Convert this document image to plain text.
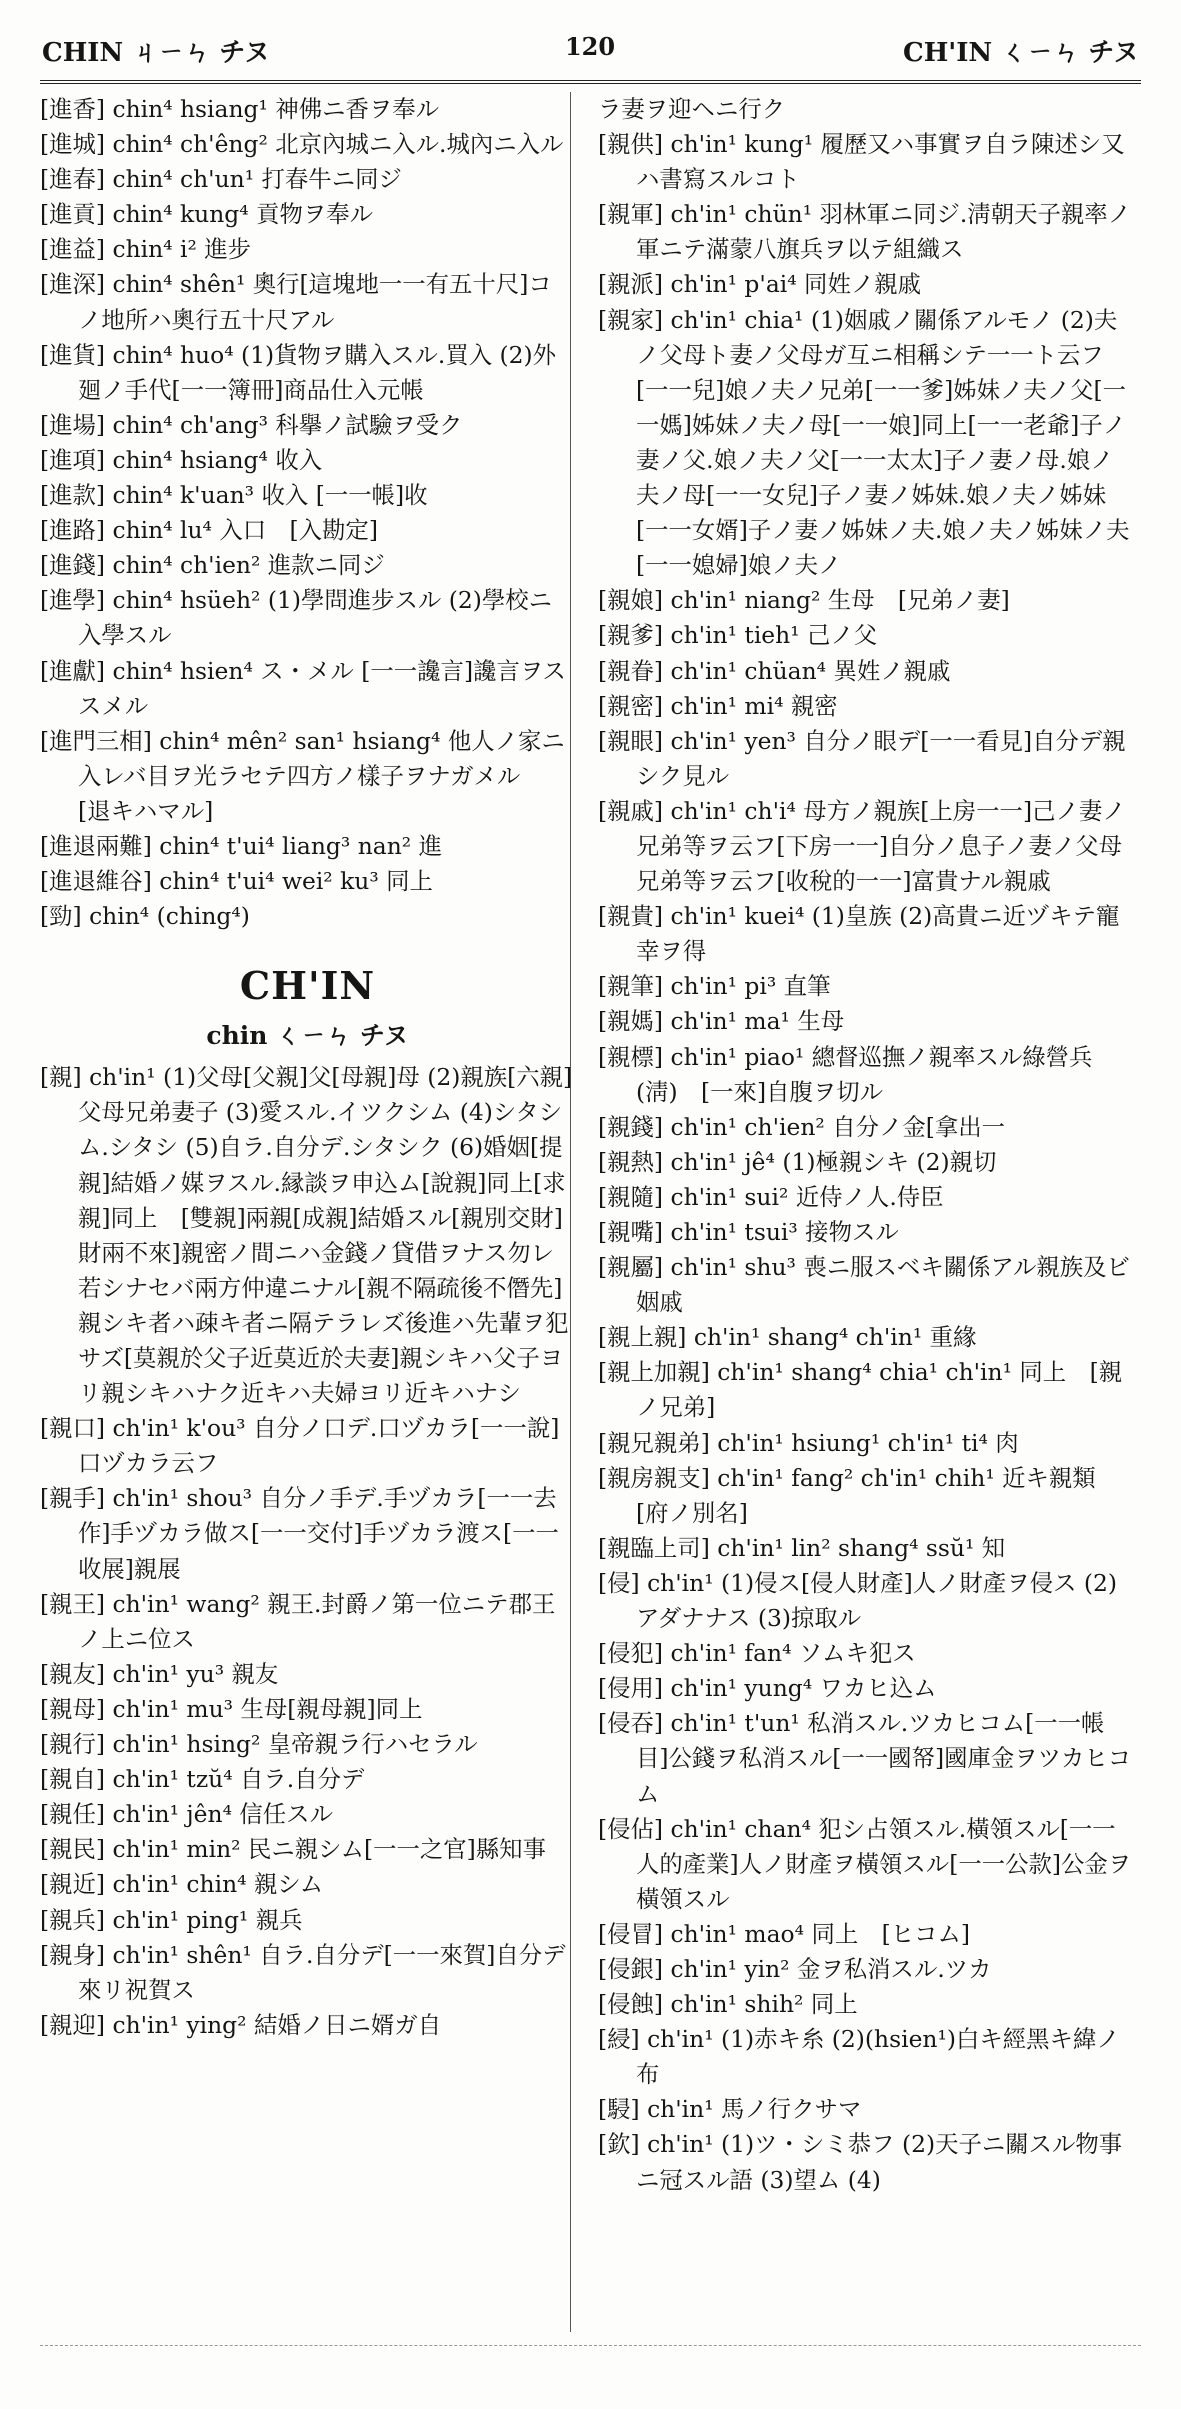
CHIN ㄐㄧㄣ チヌ	120	CH'IN ㄑㄧㄣ チヌ

[進香] chin⁴ hsiang¹ 神佛ニ香ヲ奉ル

[進城] chin⁴ ch'êng² 北京內城ニ入ル.城內ニ入ル

[進春] chin⁴ ch'un¹ 打春牛ニ同ジ

[進貢] chin⁴ kung⁴ 貢物ヲ奉ル

[進益] chin⁴ i² 進步

[進深] chin⁴ shên¹ 奧行[這塊地一一有五十尺]コノ地所ハ奧行五十尺アル

[進貨] chin⁴ huo⁴ (1)貨物ヲ購入スル.買入 (2)外廻ノ手代[一一簿冊]商品仕入元帳

[進場] chin⁴ ch'ang³ 科擧ノ試驗ヲ受ク

[進項] chin⁴ hsiang⁴ 收入

[進款] chin⁴ k'uan³ 收入 [一一帳]收

[進路] chin⁴ lu⁴ 入口　[入勘定]

[進錢] chin⁴ ch'ien² 進款ニ同ジ

[進學] chin⁴ hsüeh² (1)學問進步スル (2)學校ニ入學スル

[進獻] chin⁴ hsien⁴ ス・メル [一一讒言]讒言ヲススメル

[進門三相] chin⁴ mên² san¹ hsiang⁴ 他人ノ家ニ入レバ目ヲ光ラセテ四方ノ樣子ヲナガメル　[退キハマル]

[進退兩難] chin⁴ t'ui⁴ liang³ nan² 進

[進退維谷] chin⁴ t'ui⁴ wei² ku³ 同上

[勁] chin⁴ (ching⁴)

CH'IN
chin ㄑㄧㄣ チヌ

[親] ch'in¹ (1)父母[父親]父[母親]母 (2)親族[六親]父母兄弟妻子 (3)愛スル.イツクシム (4)シタシム.シタシ (5)自ラ.自分デ.シタシク (6)婚姻[提親]結婚ノ媒ヲスル.縁談ヲ申込ム[說親]同上[求親]同上　[雙親]兩親[成親]結婚スル[親別交財]財兩不來]親密ノ間ニハ金錢ノ貸借ヲナス勿レ若シナセバ兩方仲違ニナル[親不隔疏後不僭先]親シキ者ハ疎キ者ニ隔テラレズ後進ハ先輩ヲ犯サズ[莫親於父子近莫近於夫妻]親シキハ父子ヨリ親シキハナク近キハ夫婦ヨリ近キハナシ

[親口] ch'in¹ k'ou³ 自分ノ口デ.口ヅカラ[一一說]口ヅカラ云フ

[親手] ch'in¹ shou³ 自分ノ手デ.手ヅカラ[一一去作]手ヅカラ做ス[一一交付]手ヅカラ渡ス[一一收展]親展

[親王] ch'in¹ wang² 親王.封爵ノ第一位ニテ郡王ノ上ニ位ス

[親友] ch'in¹ yu³ 親友

[親母] ch'in¹ mu³ 生母[親母親]同上

[親行] ch'in¹ hsing² 皇帝親ラ行ハセラル

[親自] ch'in¹ tzŭ⁴ 自ラ.自分デ

[親任] ch'in¹ jên⁴ 信任スル

[親民] ch'in¹ min² 民ニ親シム[一一之官]縣知事

[親近] ch'in¹ chin⁴ 親シム

[親兵] ch'in¹ ping¹ 親兵

[親身] ch'in¹ shên¹ 自ラ.自分デ[一一來賀]自分デ來リ祝賀ス

[親迎] ch'in¹ ying² 結婚ノ日ニ婿ガ自

ラ妻ヲ迎ヘニ行ク

[親供] ch'in¹ kung¹ 履歷又ハ事實ヲ自ラ陳述シ又ハ書寫スルコト

[親軍] ch'in¹ chün¹ 羽林軍ニ同ジ.淸朝天子親率ノ軍ニテ滿蒙八旗兵ヲ以テ組織ス

[親派] ch'in¹ p'ai⁴ 同姓ノ親戚

[親家] ch'in¹ chia¹ (1)姻戚ノ關係アルモノ (2)夫ノ父母ト妻ノ父母ガ互ニ相稱シテ一一ト云フ[一一兒]娘ノ夫ノ兄弟[一一爹]姊妹ノ夫ノ父[一一媽]姊妹ノ夫ノ母[一一娘]同上[一一老爺]子ノ妻ノ父.娘ノ夫ノ父[一一太太]子ノ妻ノ母.娘ノ夫ノ母[一一女兒]子ノ妻ノ姊妹.娘ノ夫ノ姊妹[一一女婿]子ノ妻ノ姊妹ノ夫.娘ノ夫ノ姊妹ノ夫[一一媳婦]娘ノ夫ノ

[親娘] ch'in¹ niang² 生母　[兄弟ノ妻]

[親爹] ch'in¹ tieh¹ 己ノ父

[親眷] ch'in¹ chüan⁴ 異姓ノ親戚

[親密] ch'in¹ mi⁴ 親密

[親眼] ch'in¹ yen³ 自分ノ眼デ[一一看見]自分デ親シク見ル

[親戚] ch'in¹ ch'i⁴ 母方ノ親族[上房一一]己ノ妻ノ兄弟等ヲ云フ[下房一一]自分ノ息子ノ妻ノ父母兄弟等ヲ云フ[收稅的一一]富貴ナル親戚

[親貴] ch'in¹ kuei⁴ (1)皇族 (2)高貴ニ近ヅキテ寵幸ヲ得

[親筆] ch'in¹ pi³ 直筆

[親媽] ch'in¹ ma¹ 生母

[親標] ch'in¹ piao¹ 總督巡撫ノ親率スル綠營兵(淸)　[一來]自腹ヲ切ル

[親錢] ch'in¹ ch'ien² 自分ノ金[拿出一

[親熱] ch'in¹ jê⁴ (1)極親シキ (2)親切

[親隨] ch'in¹ sui² 近侍ノ人.侍臣

[親嘴] ch'in¹ tsui³ 接物スル

[親屬] ch'in¹ shu³ 喪ニ服スベキ關係アル親族及ビ姻戚

[親上親] ch'in¹ shang⁴ ch'in¹ 重緣

[親上加親] ch'in¹ shang⁴ chia¹ ch'in¹ 同上　[親ノ兄弟]

[親兄親弟] ch'in¹ hsiung¹ ch'in¹ ti⁴ 肉

[親房親支] ch'in¹ fang² ch'in¹ chih¹ 近キ親類　[府ノ別名]

[親臨上司] ch'in¹ lin² shang⁴ ssŭ¹ 知

[侵] ch'in¹ (1)侵ス[侵人財產]人ノ財產ヲ侵ス (2)アダナナス (3)掠取ル

[侵犯] ch'in¹ fan⁴ ソムキ犯ス

[侵用] ch'in¹ yung⁴ ワカヒ込ム

[侵吞] ch'in¹ t'un¹ 私消スル.ツカヒコム[一一帳目]公錢ヲ私消スル[一一國帑]國庫金ヲツカヒコム

[侵佔] ch'in¹ chan⁴ 犯シ占領スル.橫領スル[一一人的產業]人ノ財產ヲ橫領スル[一一公款]公金ヲ橫領スル

[侵冒] ch'in¹ mao⁴ 同上　[ヒコム]

[侵銀] ch'in¹ yin² 金ヲ私消スル.ツカ

[侵蝕] ch'in¹ shih² 同上

[綅] ch'in¹ (1)赤キ糸 (2)(hsien¹)白キ經黑キ緯ノ布

[駸] ch'in¹ 馬ノ行クサマ

[欽] ch'in¹ (1)ツ・シミ恭フ (2)天子ニ關スル物事ニ冠スル語 (3)望ム (4)
